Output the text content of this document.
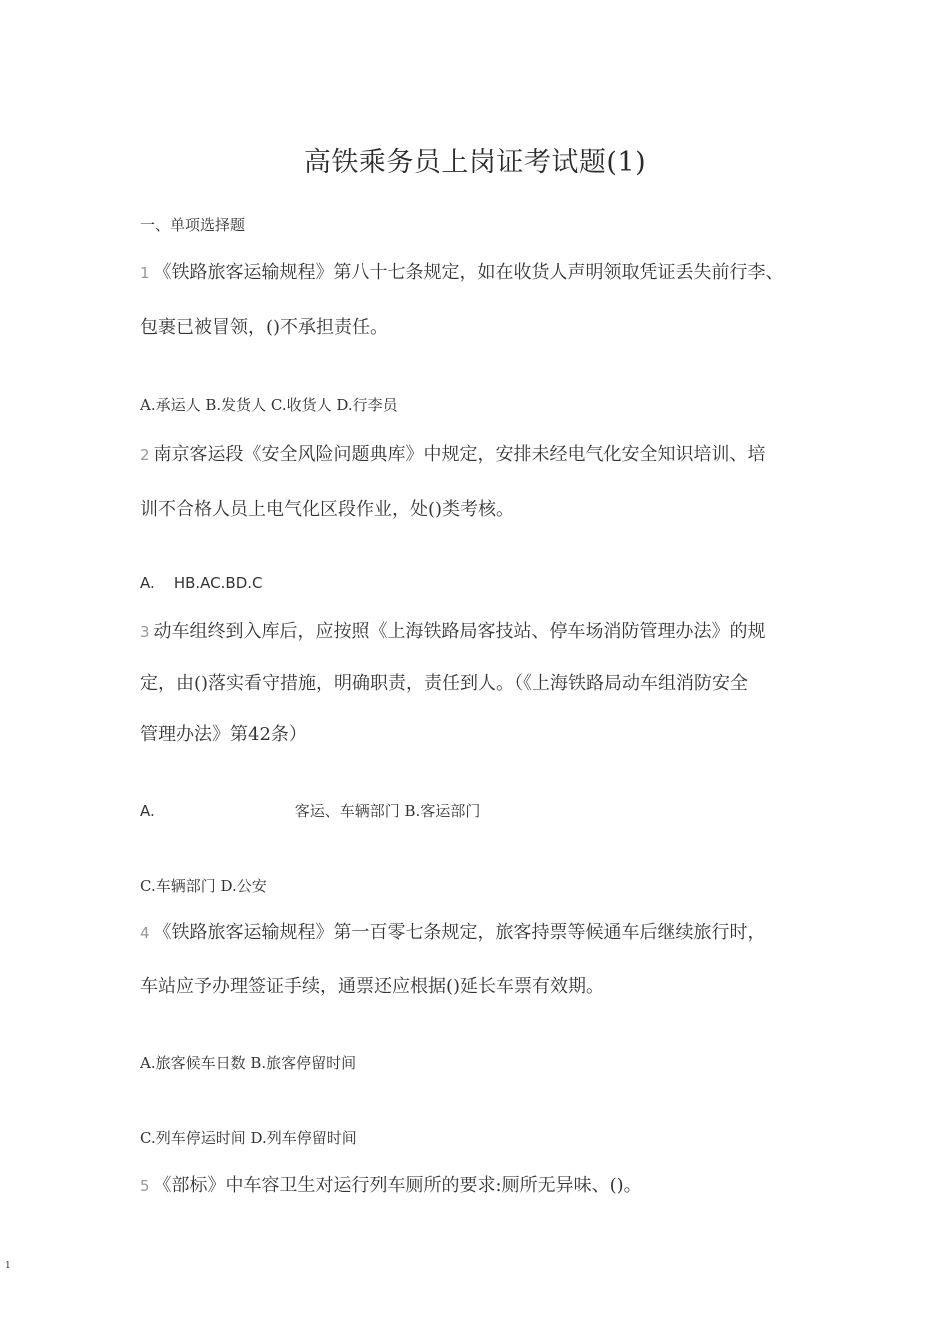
高铁乘务员上岗证考试题(1)
一、单项选择题
1 《铁路旅客运输规程》第八十七条规定，如在收货人声明领取凭证丢失前行李、
包裹已被冒领，()不承担责任。
A.承运人 B.发货人 C.收货人 D.行李员
2 南京客运段《安全风险问题典库》中规定，安排未经电气化安全知识培训、培
训不合格人员上电气化区段作业，处()类考核。
A.    HB.AC.BD.C
3 动车组终到入库后，应按照《上海铁路局客技站、停车场消防管理办法》的规
定，由()落实看守措施，明确职责，责任到人。（《上海铁路局动车组消防安全
管理办法》第42条）
A.	客运、车辆部门 B.客运部门
C.车辆部门 D.公安
4 《铁路旅客运输规程》第一百零七条规定，旅客持票等候通车后继续旅行时，
车站应予办理签证手续，通票还应根据()延长车票有效期。
A.旅客候车日数 B.旅客停留时间
C.列车停运时间 D.列车停留时间
5 《部标》中车容卫生对运行列车厕所的要求:厕所无异味、()。
1
